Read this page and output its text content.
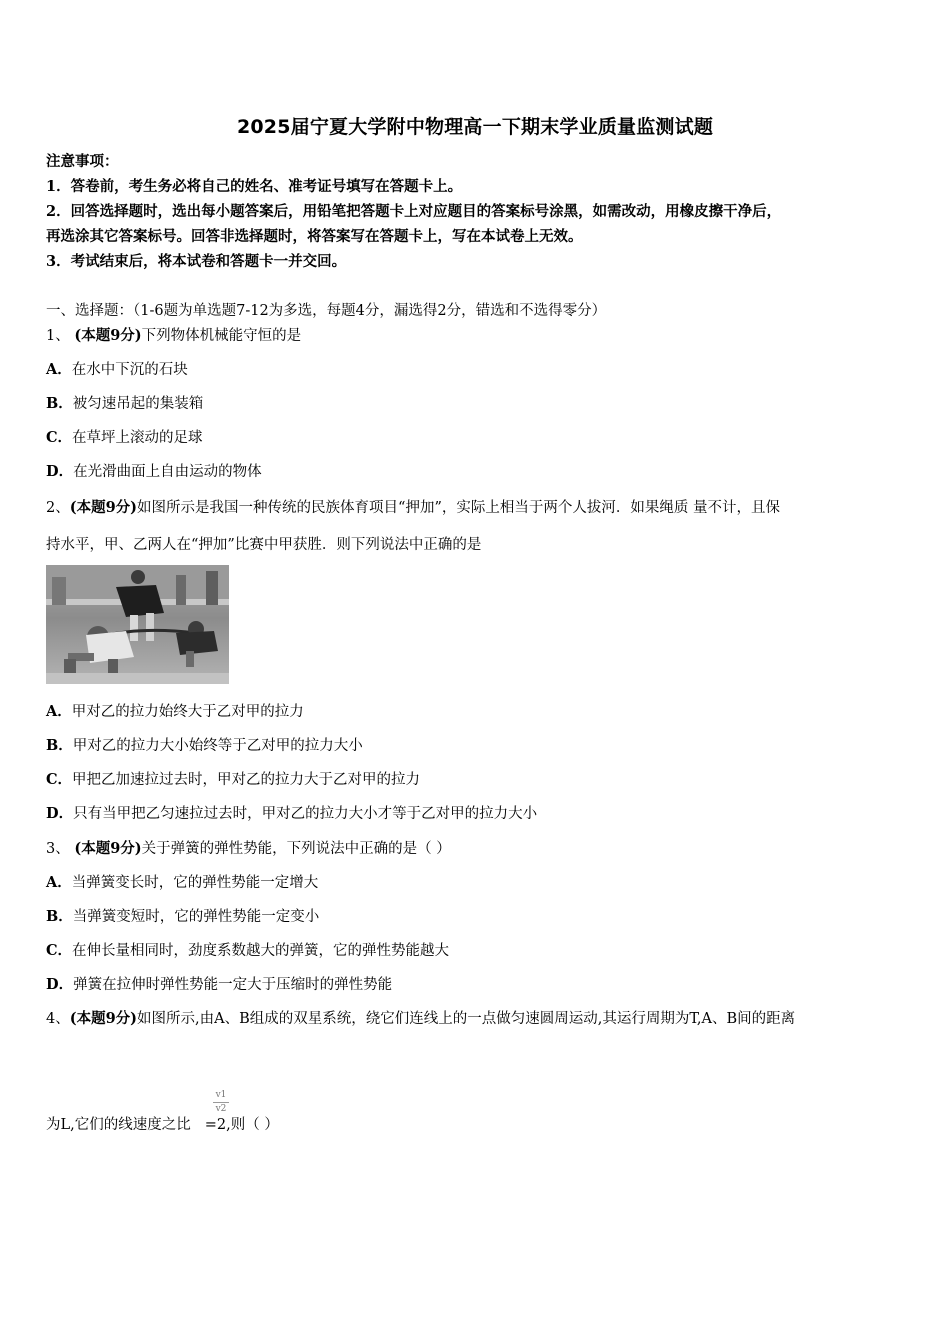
2025届宁夏大学附中物理高一下期末学业质量监测试题
注意事项：
1．答卷前，考生务必将自己的姓名、准考证号填写在答题卡上。
2．回答选择题时，选出每小题答案后，用铅笔把答题卡上对应题目的答案标号涂黑，如需改动，用橡皮擦干净后，
再选涂其它答案标号。回答非选择题时，将答案写在答题卡上，写在本试卷上无效。
3．考试结束后，将本试卷和答题卡一并交回。
一、选择题：（1-6题为单选题7-12为多选，每题4分，漏选得2分，错选和不选得零分）
1、 (本题9分)下列物体机械能守恒的是
A．在水中下沉的石块
B．被匀速吊起的集装箱
C．在草坪上滚动的足球
D．在光滑曲面上自由运动的物体
2、(本题9分)如图所示是我国一种传统的民族体育项目“押加”，实际上相当于两个人拔河．如果绳质 量不计，且保
持水平，甲、乙两人在“押加”比赛中甲获胜．则下列说法中正确的是
A．甲对乙的拉力始终大于乙对甲的拉力
B．甲对乙的拉力大小始终等于乙对甲的拉力大小
C．甲把乙加速拉过去时，甲对乙的拉力大于乙对甲的拉力
D．只有当甲把乙匀速拉过去时，甲对乙的拉力大小才等于乙对甲的拉力大小
3、 (本题9分)关于弹簧的弹性势能，下列说法中正确的是（ ）
A．当弹簧变长时，它的弹性势能一定增大
B．当弹簧变短时，它的弹性势能一定变小
C．在伸长量相同时，劲度系数越大的弹簧，它的弹性势能越大
D．弹簧在拉伸时弹性势能一定大于压缩时的弹性势能
4、(本题9分)如图所示,由A、B组成的双星系统，绕它们连线上的一点做匀速圆周运动,其运行周期为T,A、B间的距离
v1
v2
为L,它们的线速度之比 =2,则（ ）
